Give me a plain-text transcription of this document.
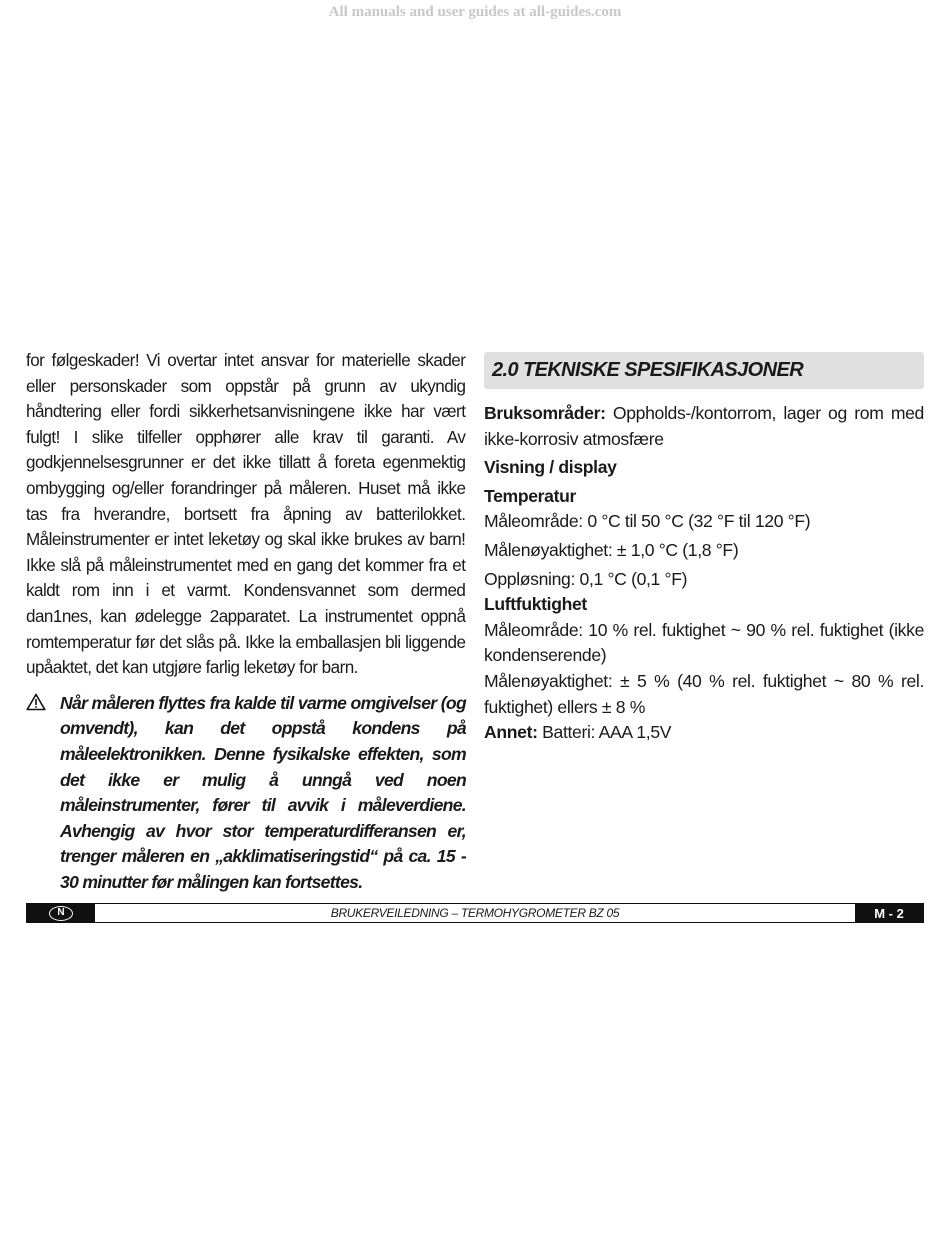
All manuals and user guides at all-guides.com

for følgeskader! Vi overtar intet ansvar for materielle skader eller personskader som oppstår på grunn av ukyndig håndtering eller fordi sikkerhetsanvisningene ikke har vært fulgt! I slike tilfeller opphører alle krav til garanti. Av godkjennelsesgrunner er det ikke tillatt å foreta egenmektig ombygging og/eller forandringer på måleren. Huset må ikke tas fra hverandre, bortsett fra åpning av batterilokket. Måleinstrumenter er intet leketøy og skal ikke brukes av barn! Ikke slå på måleinstrumentet med en gang det kommer fra et kaldt rom inn i et varmt. Kondensvannet som dermed dan1nes, kan ødelegge 2apparatet. La instrumentet oppnå romtemperatur før det slås på. Ikke la emballasjen bli liggende upåaktet, det kan utgjøre farlig leketøy for barn.

Når måleren flyttes fra kalde til varme omgivelser (og omvendt), kan det oppstå kondens på måleelektronikken. Denne fysikalske effekten, som det ikke er mulig å unngå ved noen måleinstrumenter, fører til avvik i måleverdiene. Avhengig av hvor stor temperaturdifferansen er, trenger måleren en „akklimatiseringstid“ på ca. 15 - 30 minutter før målingen kan fortsettes.

2.0 TEKNISKE SPESIFIKASJONER

Bruksområder: Oppholds-/kontorrom, lager og rom med ikke-korrosiv atmosfære

Visning / display

Temperatur

Måleområde: 0 °C til 50 °C (32 °F til 120 °F)

Målenøyaktighet: ± 1,0 °C (1,8 °F)

Oppløsning: 0,1 °C (0,1 °F)

Luftfuktighet

Måleområde: 10 % rel. fuktighet ~ 90 % rel. fuktighet (ikke kondenserende)

Målenøyaktighet: ± 5 % (40 % rel. fuktighet ~ 80 % rel. fuktighet) ellers ± 8 %

Annet: Batteri: AAA 1,5V

N	BRUKERVEILEDNING – TERMOHYGROMETER BZ 05	M - 2
